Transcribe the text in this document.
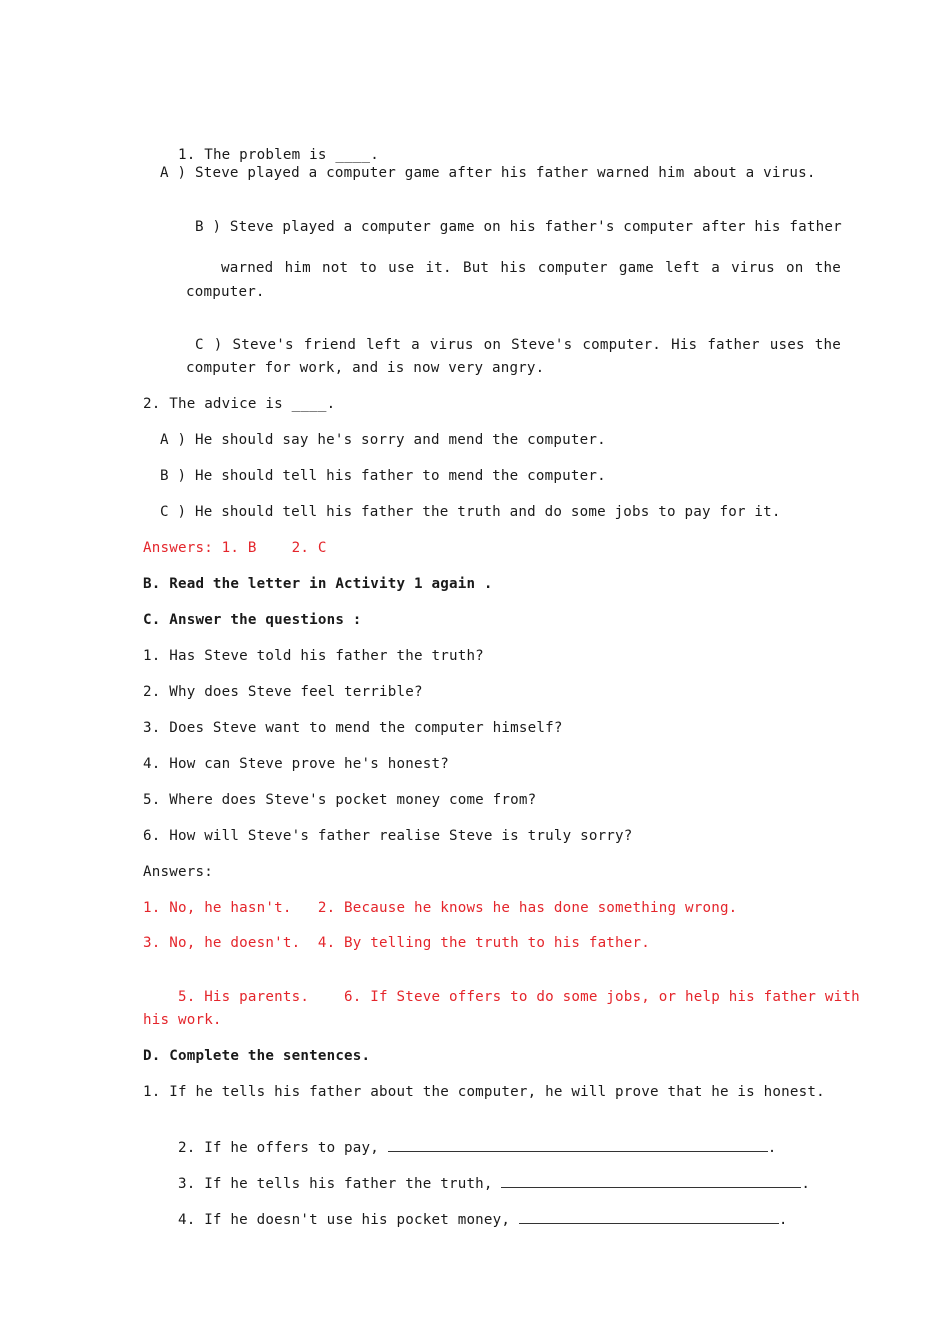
1. The problem is ____.

A ) Steve played a computer game after his father warned him about a virus.

B ) Steve played a computer game on his father's computer after his father

warned him not to use it. But his computer game left a virus on the

computer.

C ) Steve's friend left a virus on Steve's computer. His father uses the

computer for work, and is now very angry.
2. The advice is ____.
A ) He should say he's sorry and mend the computer.
B ) He should tell his father to mend the computer.
C ) He should tell his father the truth and do some jobs to pay for it.
Answers: 1. B    2. C
B. Read the letter in Activity 1 again .
C. Answer the questions :
1. Has Steve told his father the truth?
2. Why does Steve feel terrible?
3. Does Steve want to mend the computer himself?
4. How can Steve prove he's honest?
5. Where does Steve's pocket money come from?
6. How will Steve's father realise Steve is truly sorry?
Answers:
1. No, he hasn't.   2. Because he knows he has done something wrong.
3. No, he doesn't.  4. By telling the truth to his father.

5. His parents.    6. If Steve offers to do some jobs, or help his father with

his work.
D. Complete the sentences.
1. If he tells his father about the computer, he will prove that he is honest.

2. If he offers to pay,	.

3. If he tells his father the truth,	.

4. If he doesn't use his pocket money,	.
